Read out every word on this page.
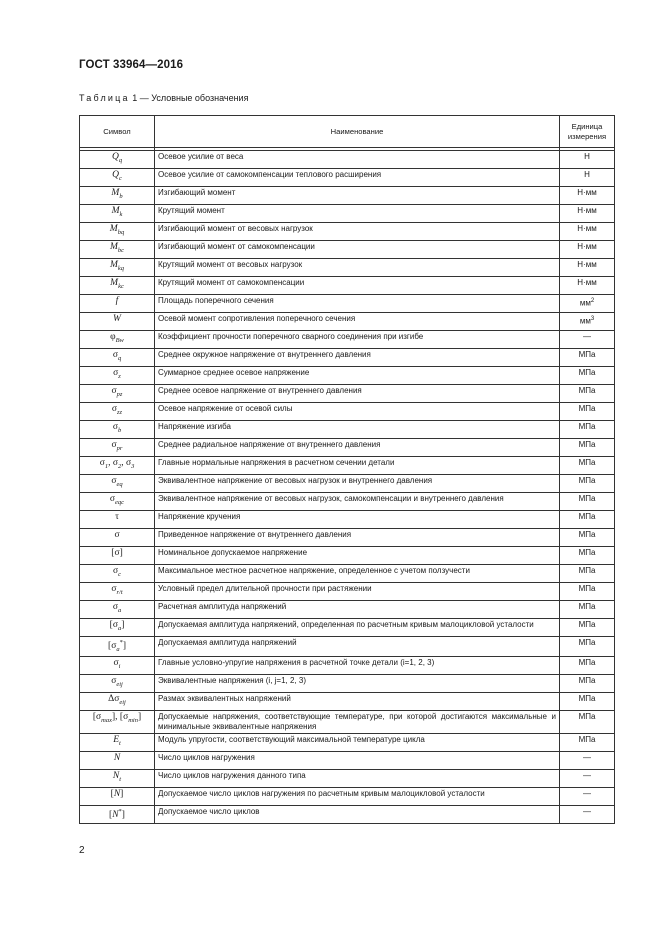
ГОСТ 33964—2016
Таблица 1 — Условные обозначения
Символ	Наименование	Единица измерения

$Q_q$	Осевое усилие от веса	Н
$Q_c$	Осевое усилие от самокомпенсации теплового расширения	Н
$M_b$	Изгибающий момент	Н·мм
$M_k$	Крутящий момент	Н·мм
$M_{bq}$	Изгибающий момент от весовых нагрузок	Н·мм
$M_{bc}$	Изгибающий момент от самокомпенсации	Н·мм
$M_{kq}$	Крутящий момент от весовых нагрузок	Н·мм
$M_{kc}$	Крутящий момент от самокомпенсации	Н·мм
f	Площадь поперечного сечения	$мм^2$
W	Осевой момент сопротивления поперечного сечения	$мм^3$
$\varphi_{Bw}$	Коэффициент прочности поперечного сварного соединения при изгибе	—
$\sigma_q$	Среднее окружное напряжение от внутреннего давления	МПа
$\sigma_z$	Суммарное среднее осевое напряжение	МПа
$\sigma_{pz}$	Среднее осевое напряжение от внутреннего давления	МПа
$\sigma_{zz}$	Осевое напряжение от осевой силы	МПа
$\sigma_b$	Напряжение изгиба	МПа
$\sigma_{pr}$	Среднее радиальное напряжение от внутреннего давления	МПа
$\sigma_1$, $\sigma_2$, $\sigma_3$	Главные нормальные напряжения в расчетном сечении детали	МПа
$\sigma_{eq}$	Эквивалентное напряжение от весовых нагрузок и внутреннего давления	МПа
$\sigma_{eqc}$	Эквивалентное напряжение от весовых нагрузок, самокомпенсации и внутреннего давления	МПа
τ	Напряжение кручения	МПа
σ	Приведенное напряжение от внутреннего давления	МПа
[σ]	Номинальное допускаемое напряжение	МПа
$\sigma_c$	Максимальное местное расчетное напряжение, определенное с учетом ползучести	МПа
$\sigma_{r/t}$	Условный предел длительной прочности при растяжении	МПа
$\sigma_a$	Расчетная амплитуда напряжений	МПа
$[\sigma_a]$	Допускаемая амплитуда напряжений, определенная по расчетным кривым малоцикловой усталости	МПа
$[\sigma_a^*]$	Допускаемая амплитуда напряжений	МПа
$\sigma_i$	Главные условно-упругие напряжения в расчетной точке детали (i=1, 2, 3)	МПа
$\sigma_{eij}$	Эквивалентные напряжения (i, j=1, 2, 3)	МПа
$\Delta\sigma_{eij}$	Размах эквивалентных напряжений	МПа
$[\sigma_{max}]$, $[\sigma_{min}]$	Допускаемые напряжения, соответствующие температуре, при которой достигаются максимальные и минимальные эквивалентные напряжения	МПа
$E_t$	Модуль упругости, соответствующий максимальной температуре цикла	МПа
N	Число циклов нагружения	—
$N_t$	Число циклов нагружения данного типа	—
[N]	Допускаемое число циклов нагружения по расчетным кривым малоцикловой усталости	—
[N*]	Допускаемое число циклов	—
2
